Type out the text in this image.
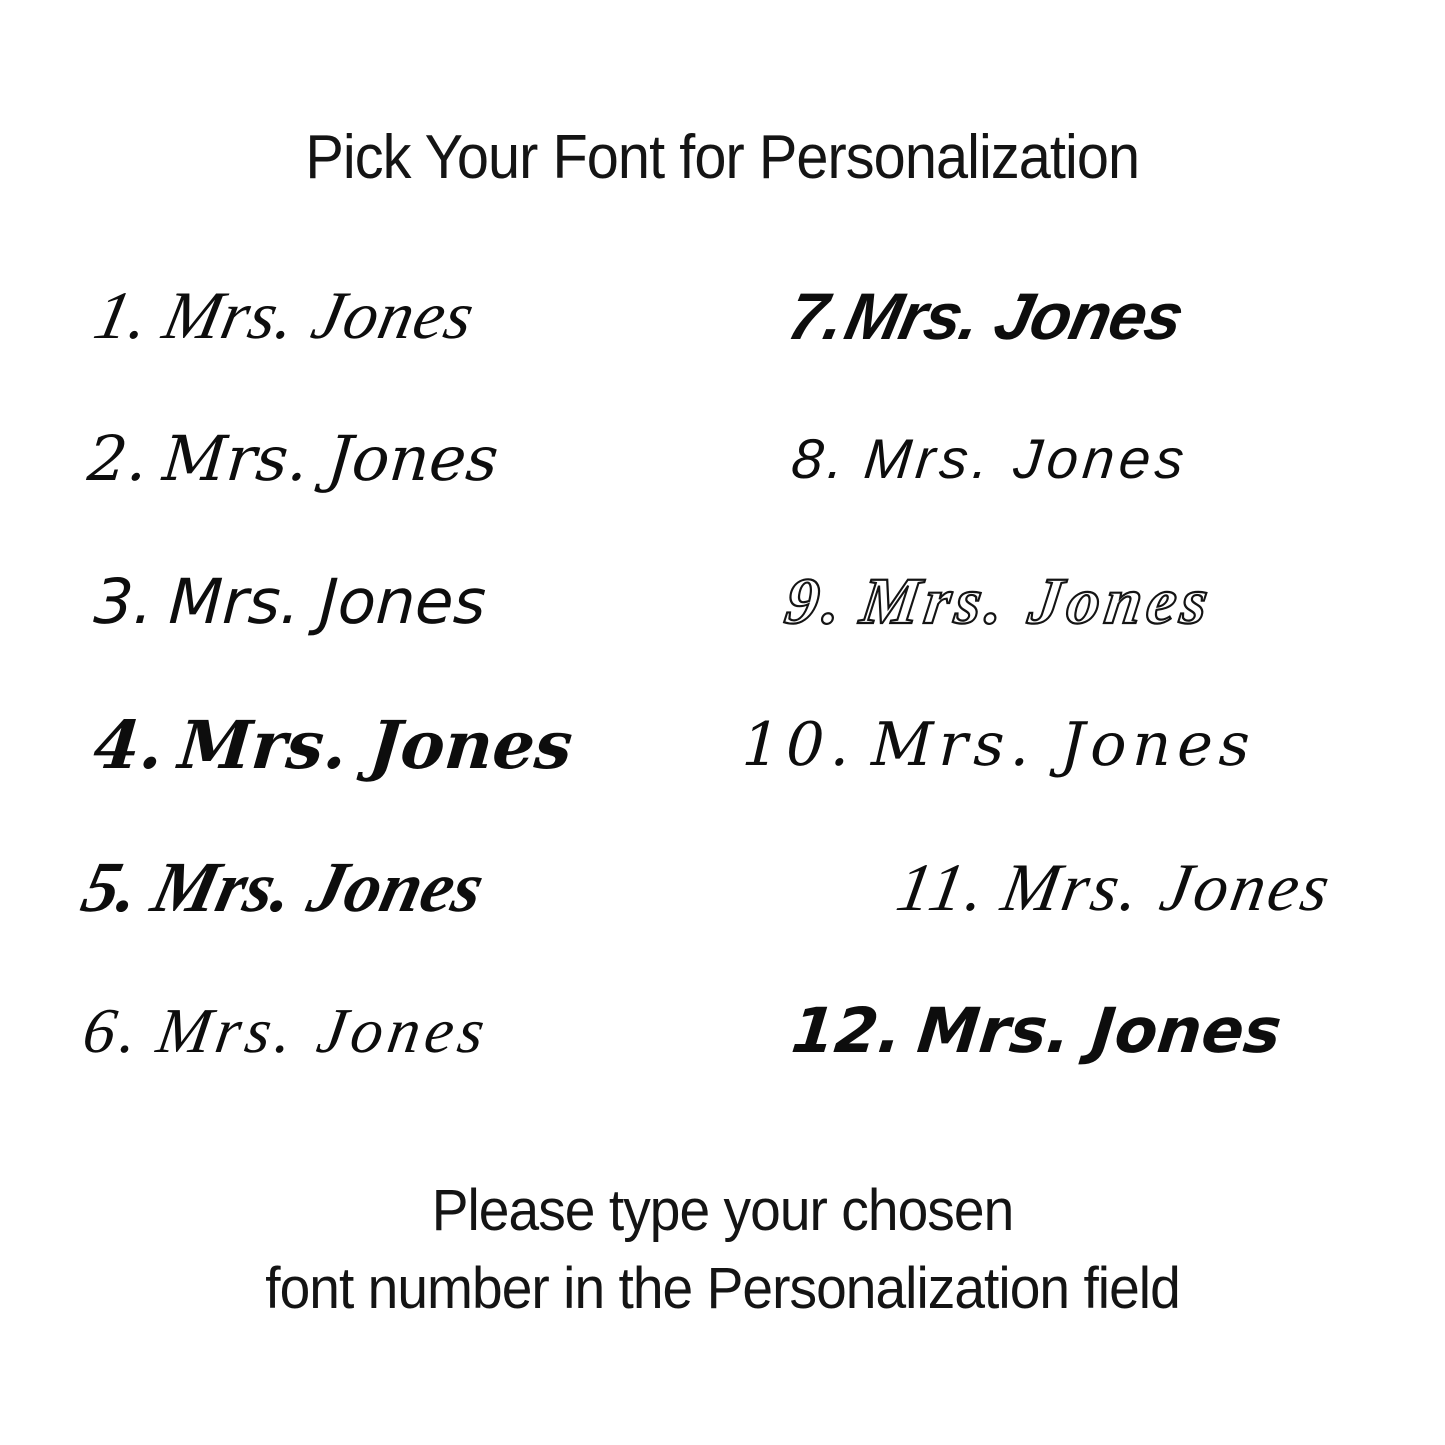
Pick Your Font for Personalization
1. Mrs. Jones
2. Mrs. Jones
3. Mrs. Jones
4. Mrs. Jones
5.
Mrs. Jones
6. Mrs. Jones
7.
Mrs. Jones
8. Mrs. Jones
9. Mrs. Jones
10. Mrs. Jones
11. Mrs. Jones
12. Mrs. Jones
Please type your chosen
font number in the Personalization field
